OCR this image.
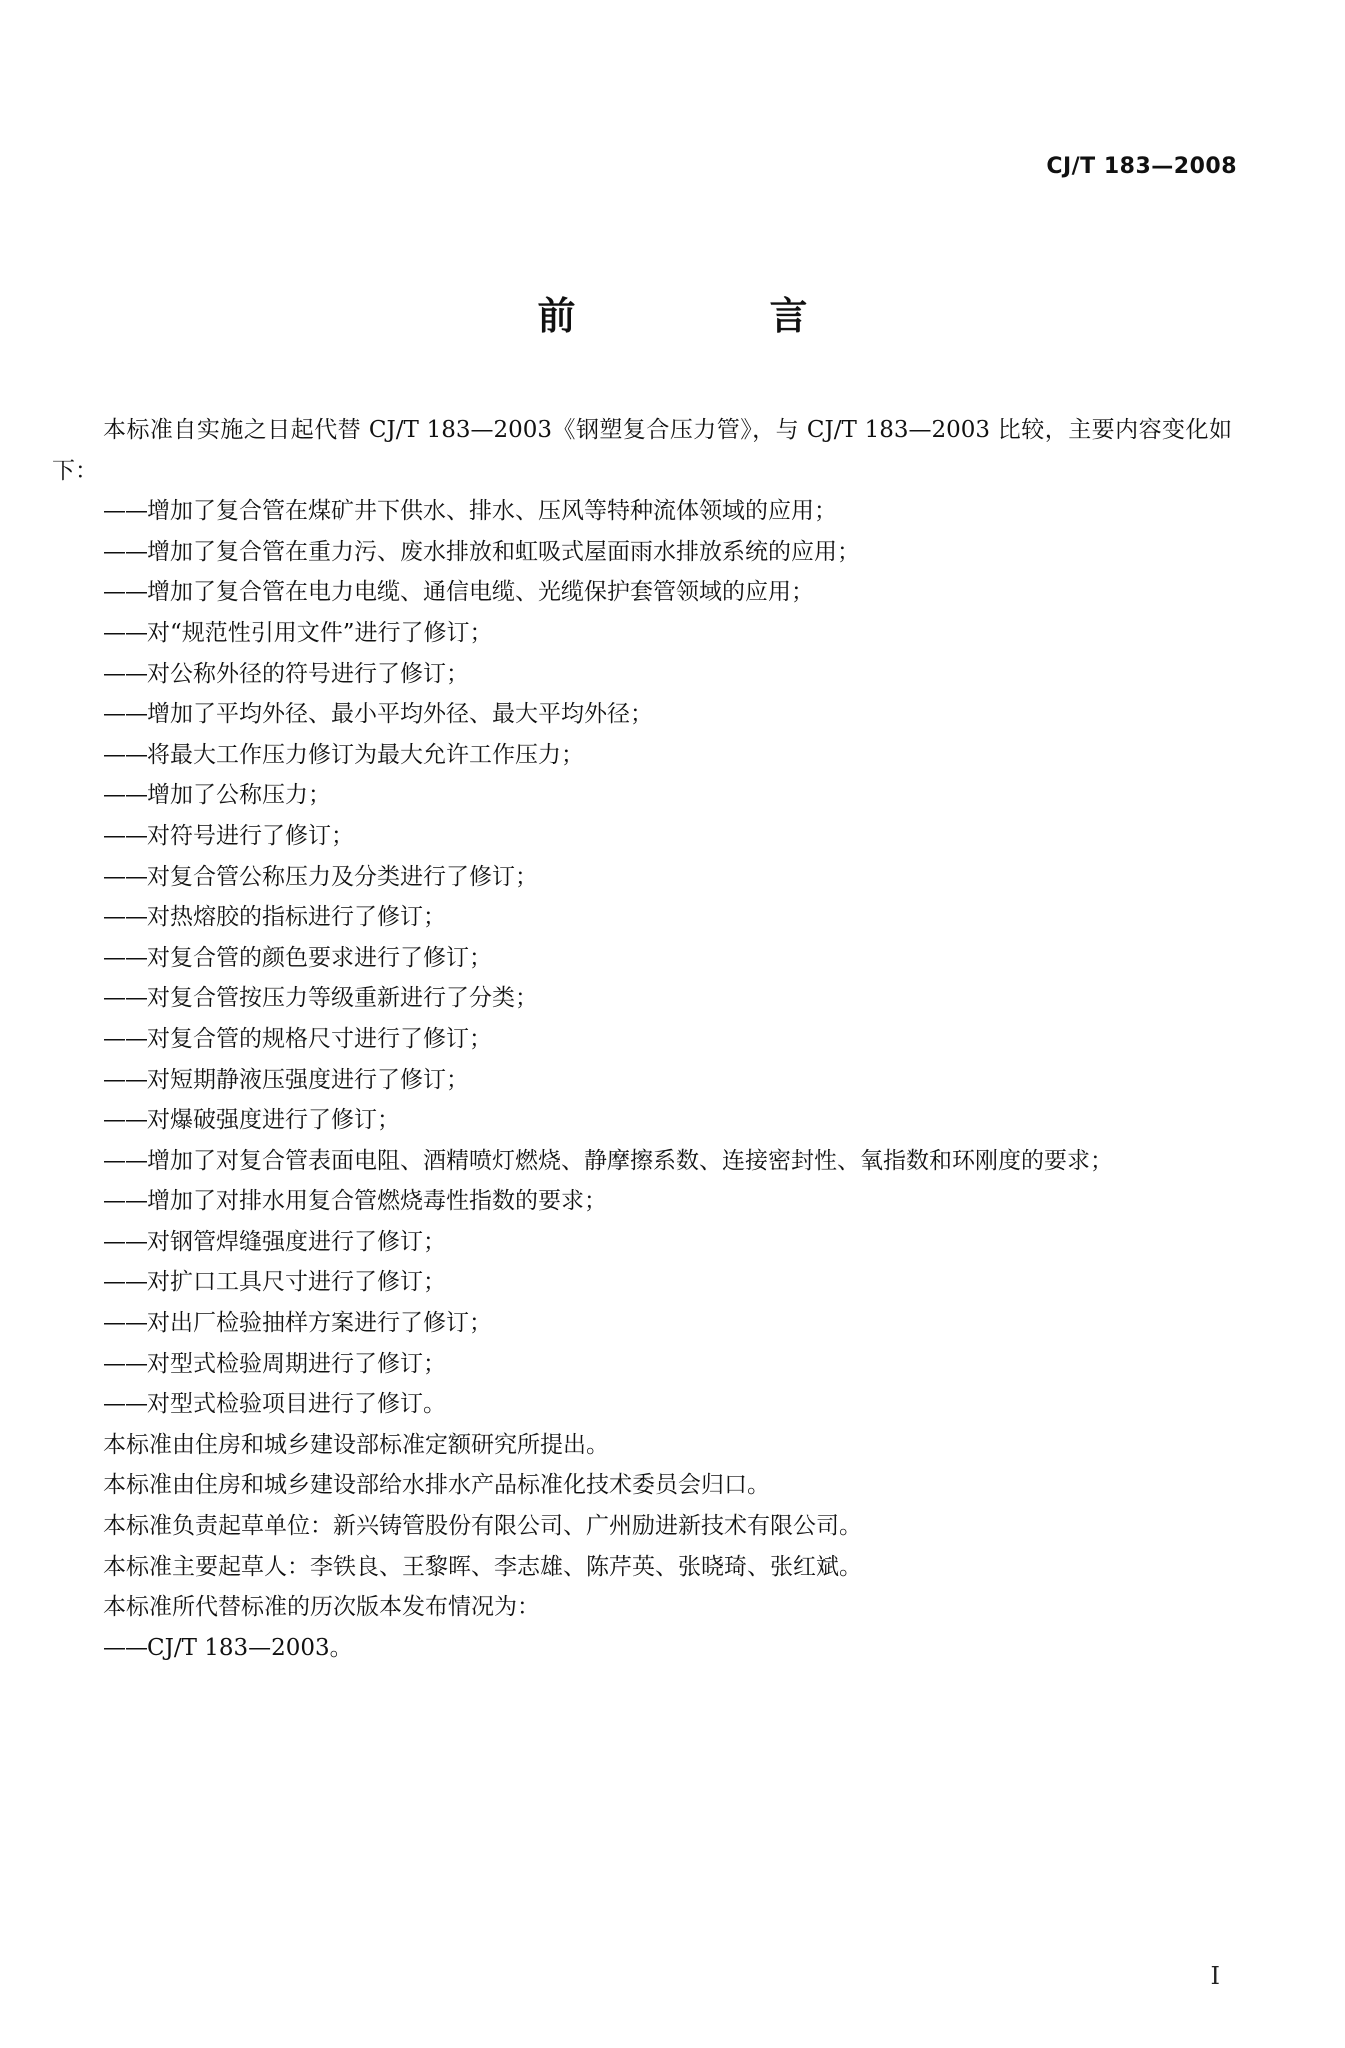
CJ/T 183—2008
前　言

本标准自实施之日起代替 CJ/T 183—2003《钢塑复合压力管》，与 CJ/T 183—2003 比较，主要内容变化如下：

——增加了复合管在煤矿井下供水、排水、压风等特种流体领域的应用；
——增加了复合管在重力污、废水排放和虹吸式屋面雨水排放系统的应用；
——增加了复合管在电力电缆、通信电缆、光缆保护套管领域的应用；
——对“规范性引用文件”进行了修订；
——对公称外径的符号进行了修订；
——增加了平均外径、最小平均外径、最大平均外径；
——将最大工作压力修订为最大允许工作压力；
——增加了公称压力；
——对符号进行了修订；
——对复合管公称压力及分类进行了修订；
——对热熔胶的指标进行了修订；
——对复合管的颜色要求进行了修订；
——对复合管按压力等级重新进行了分类；
——对复合管的规格尺寸进行了修订；
——对短期静液压强度进行了修订；
——对爆破强度进行了修订；
——增加了对复合管表面电阻、酒精喷灯燃烧、静摩擦系数、连接密封性、氧指数和环刚度的要求；
——增加了对排水用复合管燃烧毒性指数的要求；
——对钢管焊缝强度进行了修订；
——对扩口工具尺寸进行了修订；
——对出厂检验抽样方案进行了修订；
——对型式检验周期进行了修订；
——对型式检验项目进行了修订。

本标准由住房和城乡建设部标准定额研究所提出。

本标准由住房和城乡建设部给水排水产品标准化技术委员会归口。

本标准负责起草单位：新兴铸管股份有限公司、广州励进新技术有限公司。

本标准主要起草人：李铁良、王黎晖、李志雄、陈芹英、张晓琦、张红斌。

本标准所代替标准的历次版本发布情况为：

——CJ/T 183—2003。

I
